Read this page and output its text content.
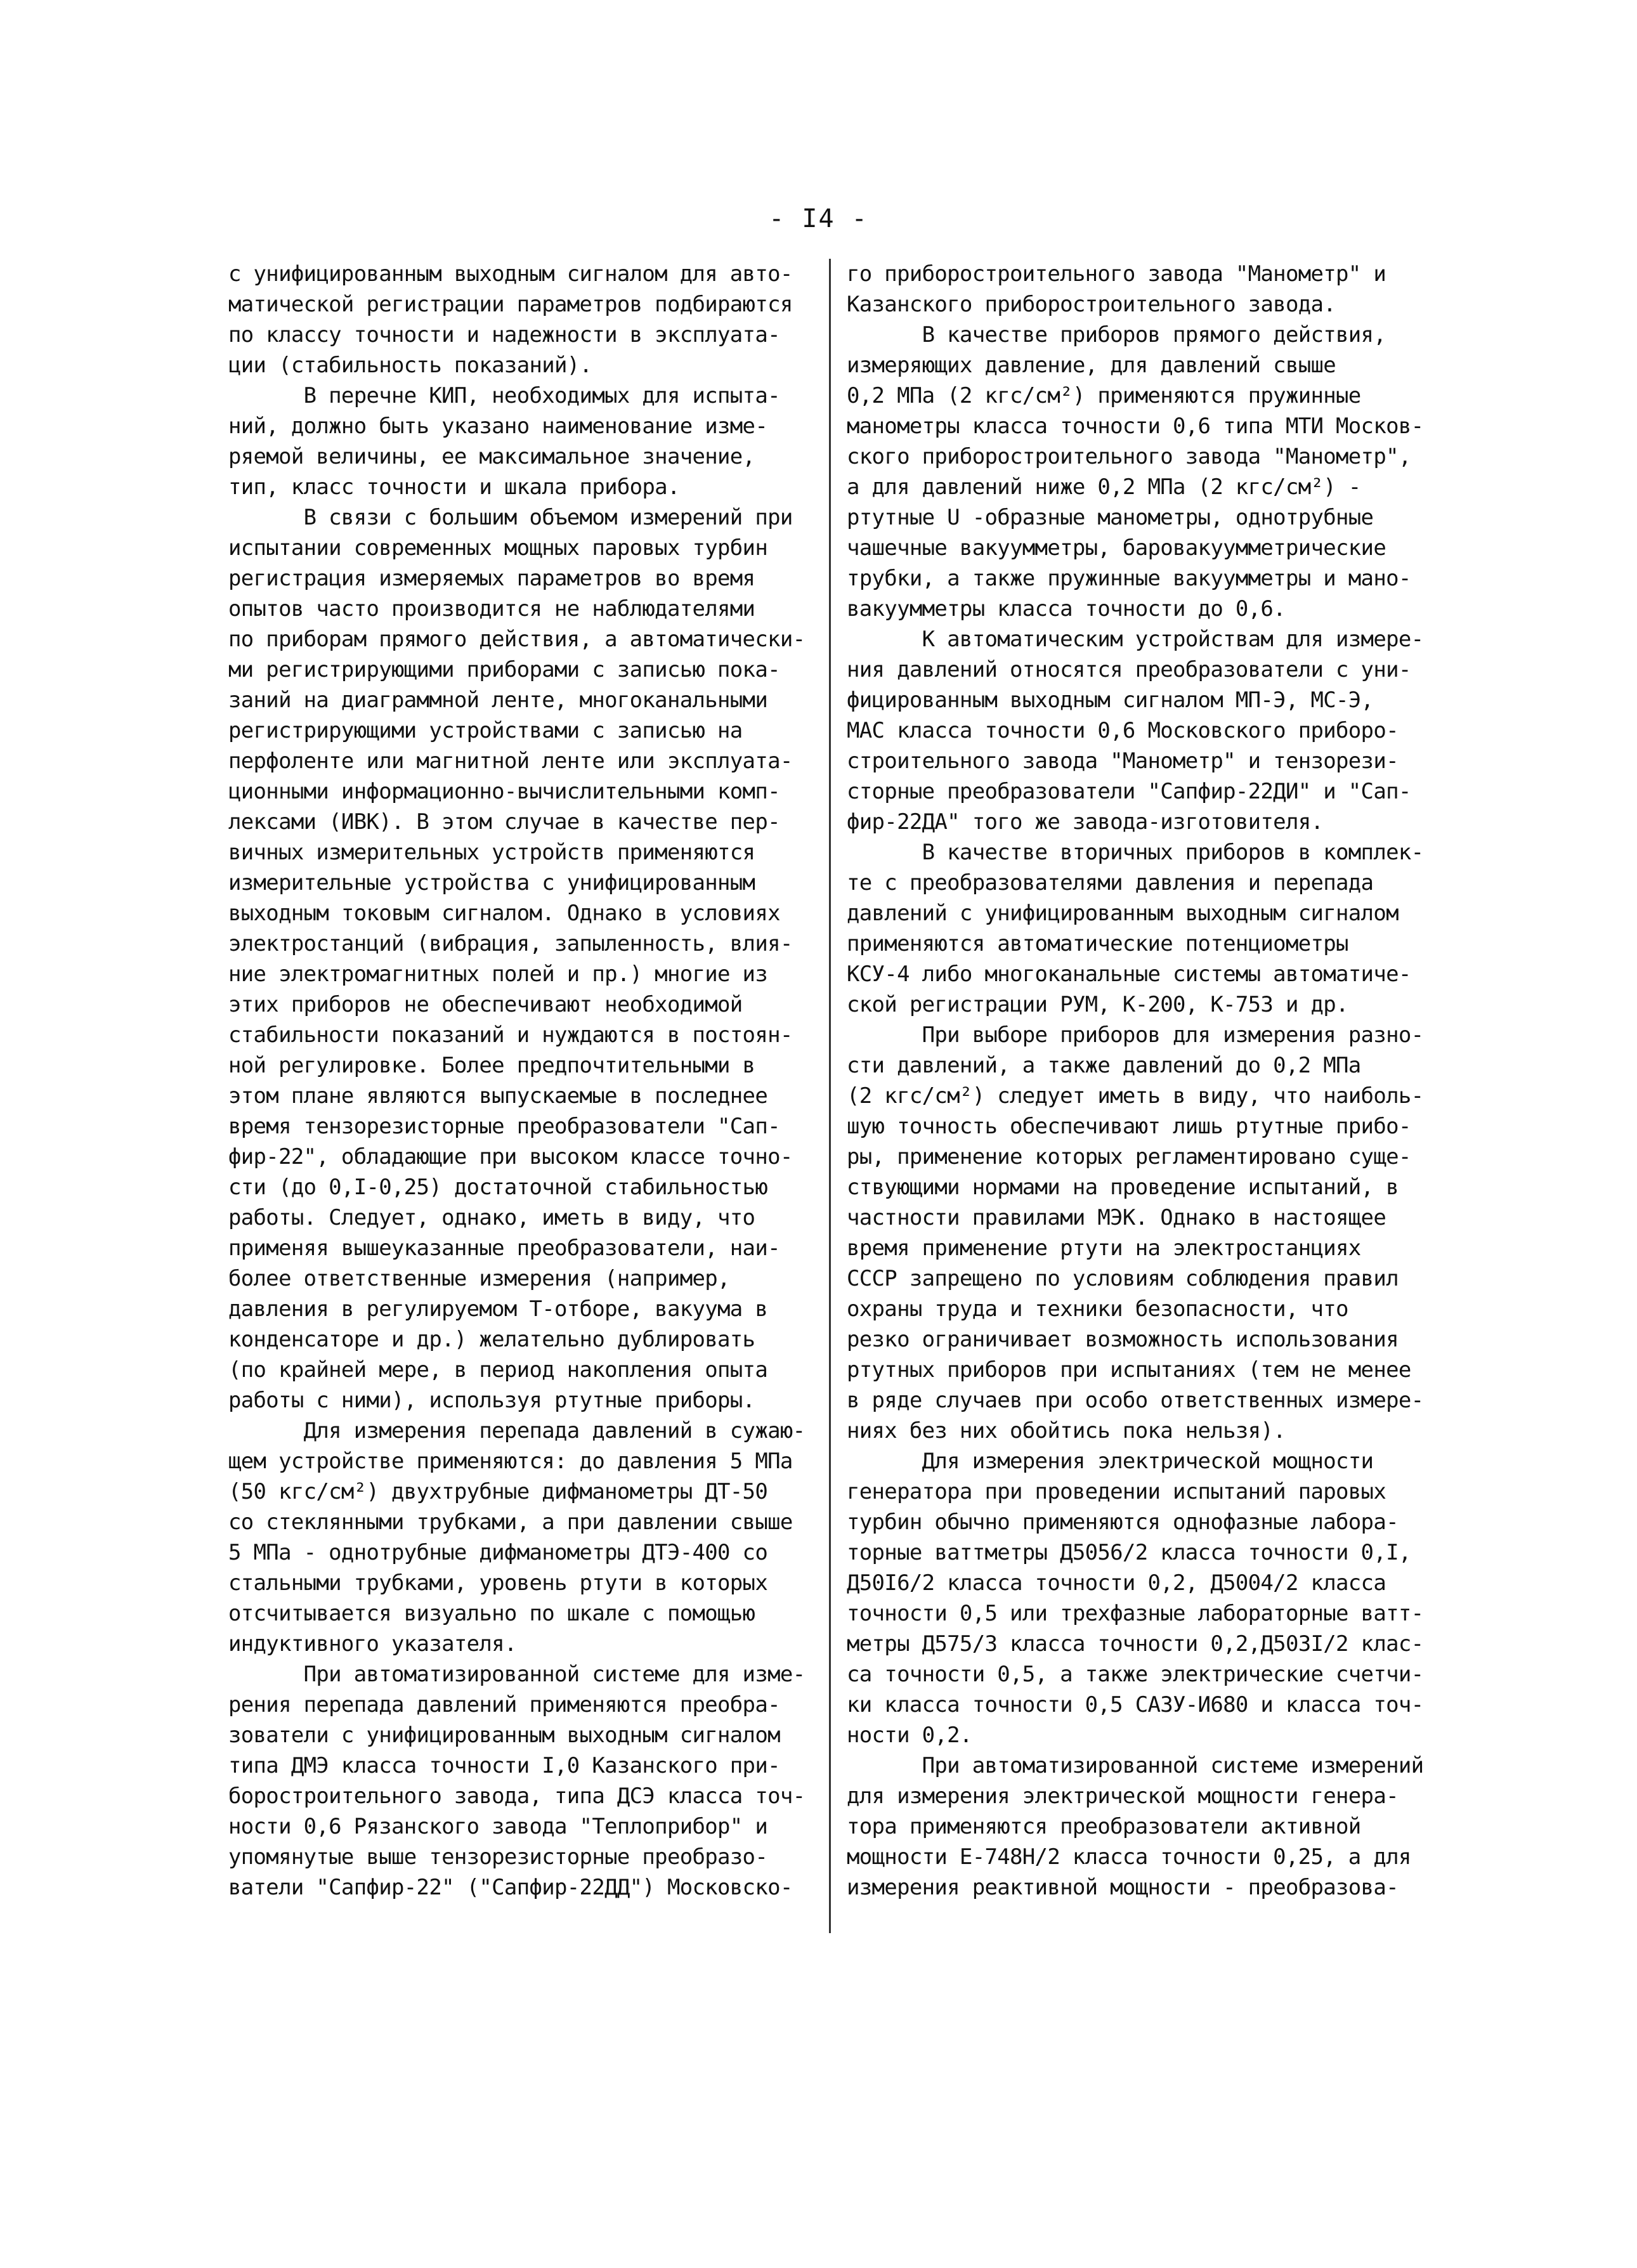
- I4 -
с унифицированным выходным сигналом для авто-
матической регистрации параметров подбираются
по классу точности и надежности в эксплуата-
ции (стабильность показаний).
В перечне КИП, необходимых для испыта-
ний, должно быть указано наименование изме-
ряемой величины, ее максимальное значение,
тип, класс точности и шкала прибора.
В связи с большим объемом измерений при
испытании современных мощных паровых турбин
регистрация измеряемых параметров во время
опытов часто производится не наблюдателями
по приборам прямого действия, а автоматически-
ми регистрирующими приборами с записью пока-
заний на диаграммной ленте, многоканальными
регистрирующими устройствами с записью на
перфоленте или магнитной ленте или эксплуата-
ционными информационно-вычислительными комп-
лексами (ИВК). В этом случае в качестве пер-
вичных измерительных устройств применяются
измерительные устройства с унифицированным
выходным токовым сигналом. Однако в условиях
электростанций (вибрация, запыленность, влия-
ние электромагнитных полей и пр.) многие из
этих приборов не обеспечивают необходимой
стабильности показаний и нуждаются в постоян-
ной регулировке. Более предпочтительными в
этом плане являются выпускаемые в последнее
время тензорезисторные преобразователи "Сап-
фир-22", обладающие при высоком классе точно-
сти (до 0,I-0,25) достаточной стабильностью
работы. Следует, однако, иметь в виду, что
применяя вышеуказанные преобразователи, наи-
более ответственные измерения (например,
давления в регулируемом Т-отборе, вакуума в
конденсаторе и др.) желательно дублировать
(по крайней мере, в период накопления опыта
работы с ними), используя ртутные приборы.
Для измерения перепада давлений в сужаю-
щем устройстве применяются: до давления 5 МПа
(50 кгс/см²) двухтрубные дифманометры ДТ-50
со стеклянными трубками, а при давлении свыше
5 МПа - однотрубные дифманометры ДТЭ-400 со
стальными трубками, уровень ртути в которых
отсчитывается визуально по шкале с помощью
индуктивного указателя.
При автоматизированной системе для изме-
рения перепада давлений применяются преобра-
зователи с унифицированным выходным сигналом
типа ДМЭ класса точности I,0 Казанского при-
боростроительного завода, типа ДСЭ класса точ-
ности 0,6 Рязанского завода "Теплоприбор" и
упомянутые выше тензорезисторные преобразо-
ватели "Сапфир-22" ("Сапфир-22ДД") Московско-
го приборостроительного завода "Манометр" и
Казанского приборостроительного завода.
В качестве приборов прямого действия,
измеряющих давление, для давлений свыше
0,2 МПа (2 кгс/см²) применяются пружинные
манометры класса точности 0,6 типа МТИ Москов-
ского приборостроительного завода "Манометр",
а для давлений ниже 0,2 МПа (2 кгс/см²) -
ртутные U -образные манометры, однотрубные
чашечные вакуумметры, баровакуумметрические
трубки, а также пружинные вакуумметры и мано-
вакуумметры класса точности до 0,6.
К автоматическим устройствам для измере-
ния давлений относятся преобразователи с уни-
фицированным выходным сигналом МП-Э, МС-Э,
МАС класса точности 0,6 Московского приборо-
строительного завода "Манометр" и тензорези-
сторные преобразователи "Сапфир-22ДИ" и "Сап-
фир-22ДА" того же завода-изготовителя.
В качестве вторичных приборов в комплек-
те с преобразователями давления и перепада
давлений с унифицированным выходным сигналом
применяются автоматические потенциометры
КСУ-4 либо многоканальные системы автоматиче-
ской регистрации РУМ, К-200, К-753 и др.
При выборе приборов для измерения разно-
сти давлений, а также давлений до 0,2 МПа
(2 кгс/см²) следует иметь в виду, что наиболь-
шую точность обеспечивают лишь ртутные прибо-
ры, применение которых регламентировано суще-
ствующими нормами на проведение испытаний, в
частности правилами МЭК. Однако в настоящее
время применение ртути на электростанциях
СССР запрещено по условиям соблюдения правил
охраны труда и техники безопасности, что
резко ограничивает возможность использования
ртутных приборов при испытаниях (тем не менее
в ряде случаев при особо ответственных измере-
ниях без них обойтись пока нельзя).
Для измерения электрической мощности
генератора при проведении испытаний паровых
турбин обычно применяются однофазные лабора-
торные ваттметры Д5056/2 класса точности 0,I,
Д50I6/2 класса точности 0,2, Д5004/2 класса
точности 0,5 или трехфазные лабораторные ватт-
метры Д575/3 класса точности 0,2,Д503I/2 клас-
са точности 0,5, а также электрические счетчи-
ки класса точности 0,5 САЗУ-И680 и класса точ-
ности 0,2.
При автоматизированной системе измерений
для измерения электрической мощности генера-
тора применяются преобразователи активной
мощности Е-748Н/2 класса точности 0,25, а для
измерения реактивной мощности - преобразова-
